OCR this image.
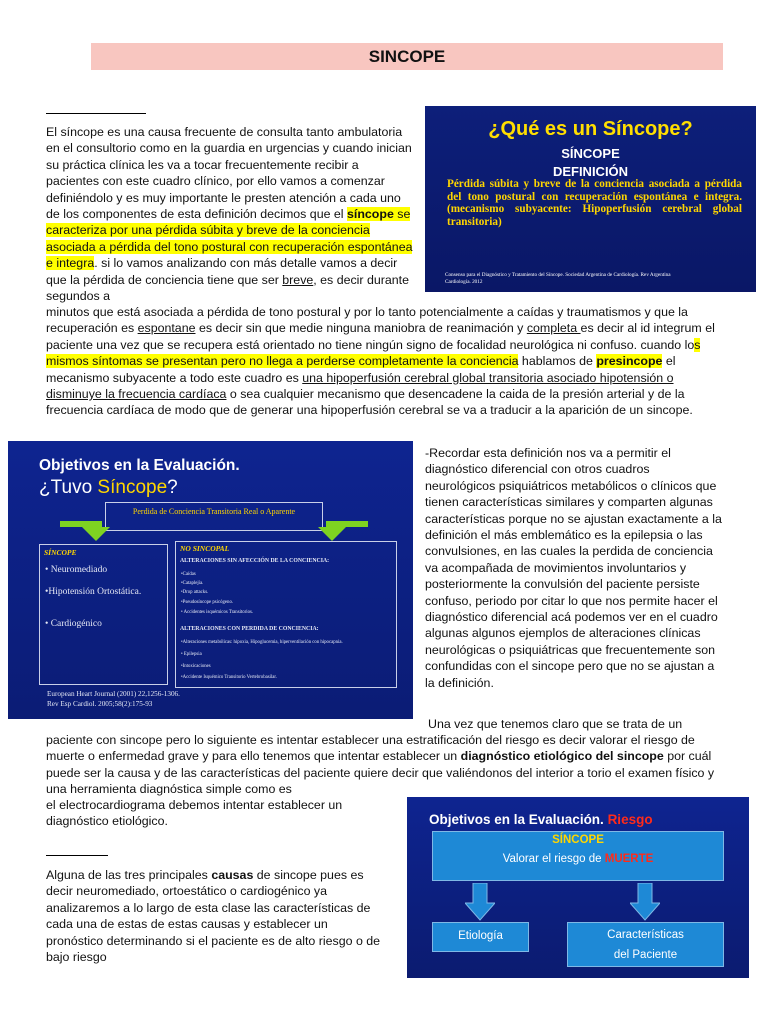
SINCOPE

El síncope es una causa frecuente de consulta tanto ambulatoria en el consultorio como en la guardia en urgencias y cuando inician su práctica clínica les va a tocar frecuentemente recibir a pacientes con este cuadro clínico, por ello vamos a comenzar definiéndolo y es muy importante le presten atención a cada uno de los componentes de esta definición decimos que el síncope se caracteriza por una pérdida súbita y breve de la conciencia asociada a pérdida del tono postural con recuperación espontánea e integra. si lo vamos analizando con más detalle vamos a decir que la pérdida de conciencia tiene que ser breve, es decir durante segundos a

¿Qué es un Síncope?
SÍNCOPE
DEFINICIÓN
Pérdida súbita y breve de la conciencia asociada a pérdida del tono postural con recuperación espontánea e integra. (mecanismo subyacente: Hipoperfusión cerebral global transitoria)
Consenso para el Diagnóstico y Tratamiento del Síncope. Sociedad Argentina de Cardiología. Rev Argentina Cardiología. 2012

minutos que está asociada a pérdida de tono postural y por lo tanto potencialmente a caídas y traumatismos y que la recuperación es espontane es decir sin que medie ninguna maniobra de reanimación y completa es decir al id integrum el paciente una vez que se recupera está orientado no tiene ningún signo de focalidad neurológica ni confuso. cuando los mismos síntomas se presentan pero no llega a perderse completamente la conciencia hablamos de presincope el mecanismo subyacente a todo este cuadro es una hipoperfusión cerebral global transitoria asociado hipotensión o disminuye la frecuencia cardíaca o sea cualquier mecanismo que desencadene la caida de la presión arterial y de la frecuencia cardíaca de modo que de generar una hipoperfusión cerebral se va a traducir a la aparición de un sincope.

Objetivos en la Evaluación.
¿Tuvo Síncope?
Perdida de Conciencia Transitoria Real o Aparente
SÍNCOPE
• Neuromediado
•Hipotensión Ortostática.
• Cardiogénico
NO SINCOPAL
ALTERACIONES SIN AFECCIÓN DE LA CONCIENCIA:
•Caídas
•Cataplejía.
•Drop attacks.
•Pseudosíncope psicógeno.
• Accidentes isquémicos Transitorios.
ALTERACIONES CON PERDIDA DE CONCIENCIA:
•Alteraciones metabólicas: hipoxia, Hipoglucemia, hiperventilación con hipocapnia.
• Epilepsia
•Intoxicaciones
•Accidente Isquémico Transitorio Vertebrobasilar.
European Heart Journal (2001) 22,1256-1306.
Rev Esp Cardiol. 2005;58(2):175-93

-Recordar esta definición nos va a permitir el diagnóstico diferencial con otros cuadros neurológicos psiquiátricos metabólicos o clínicos que tienen características similares y comparten algunas características porque no se ajustan exactamente a la definición el más emblemático es la epilepsia o las convulsiones, en las cuales la perdida de conciencia va acompañada de movimientos involuntarios y posteriormente la convulsión del paciente persiste confuso, periodo por citar lo que nos permite hacer el diagnóstico diferencial acá podemos ver en el cuadro algunas algunos ejemplos de alteraciones clínicas neurológicas o psiquiátricas que frecuentemente son confundidas con el sincope pero que no se ajustan a la definición.

Una vez que tenemos claro que se trata de un

paciente con sincope pero lo siguiente es intentar establecer una estratificación del riesgo es decir valorar el riesgo de muerte o enfermedad grave y para ello tenemos que intentar establecer un diagnóstico etiológico del sincope por cuál puede ser la causa y de las características del paciente quiere decir que valiéndonos del interior a torio el examen físico y una herramienta diagnóstica simple como es

el electrocardiograma debemos intentar establecer un diagnóstico etiológico.

Alguna de las tres principales causas de sincope pues es decir neuromediado, ortoestático o cardiogénico ya analizaremos a lo largo de esta clase las características de cada una de estas de estas causas y establecer un pronóstico determinando si el paciente es de alto riesgo o de bajo riesgo

Objetivos en la Evaluación. Riesgo
SÍNCOPE
Valorar el riesgo de MUERTE
Etiología	Características
del Paciente
